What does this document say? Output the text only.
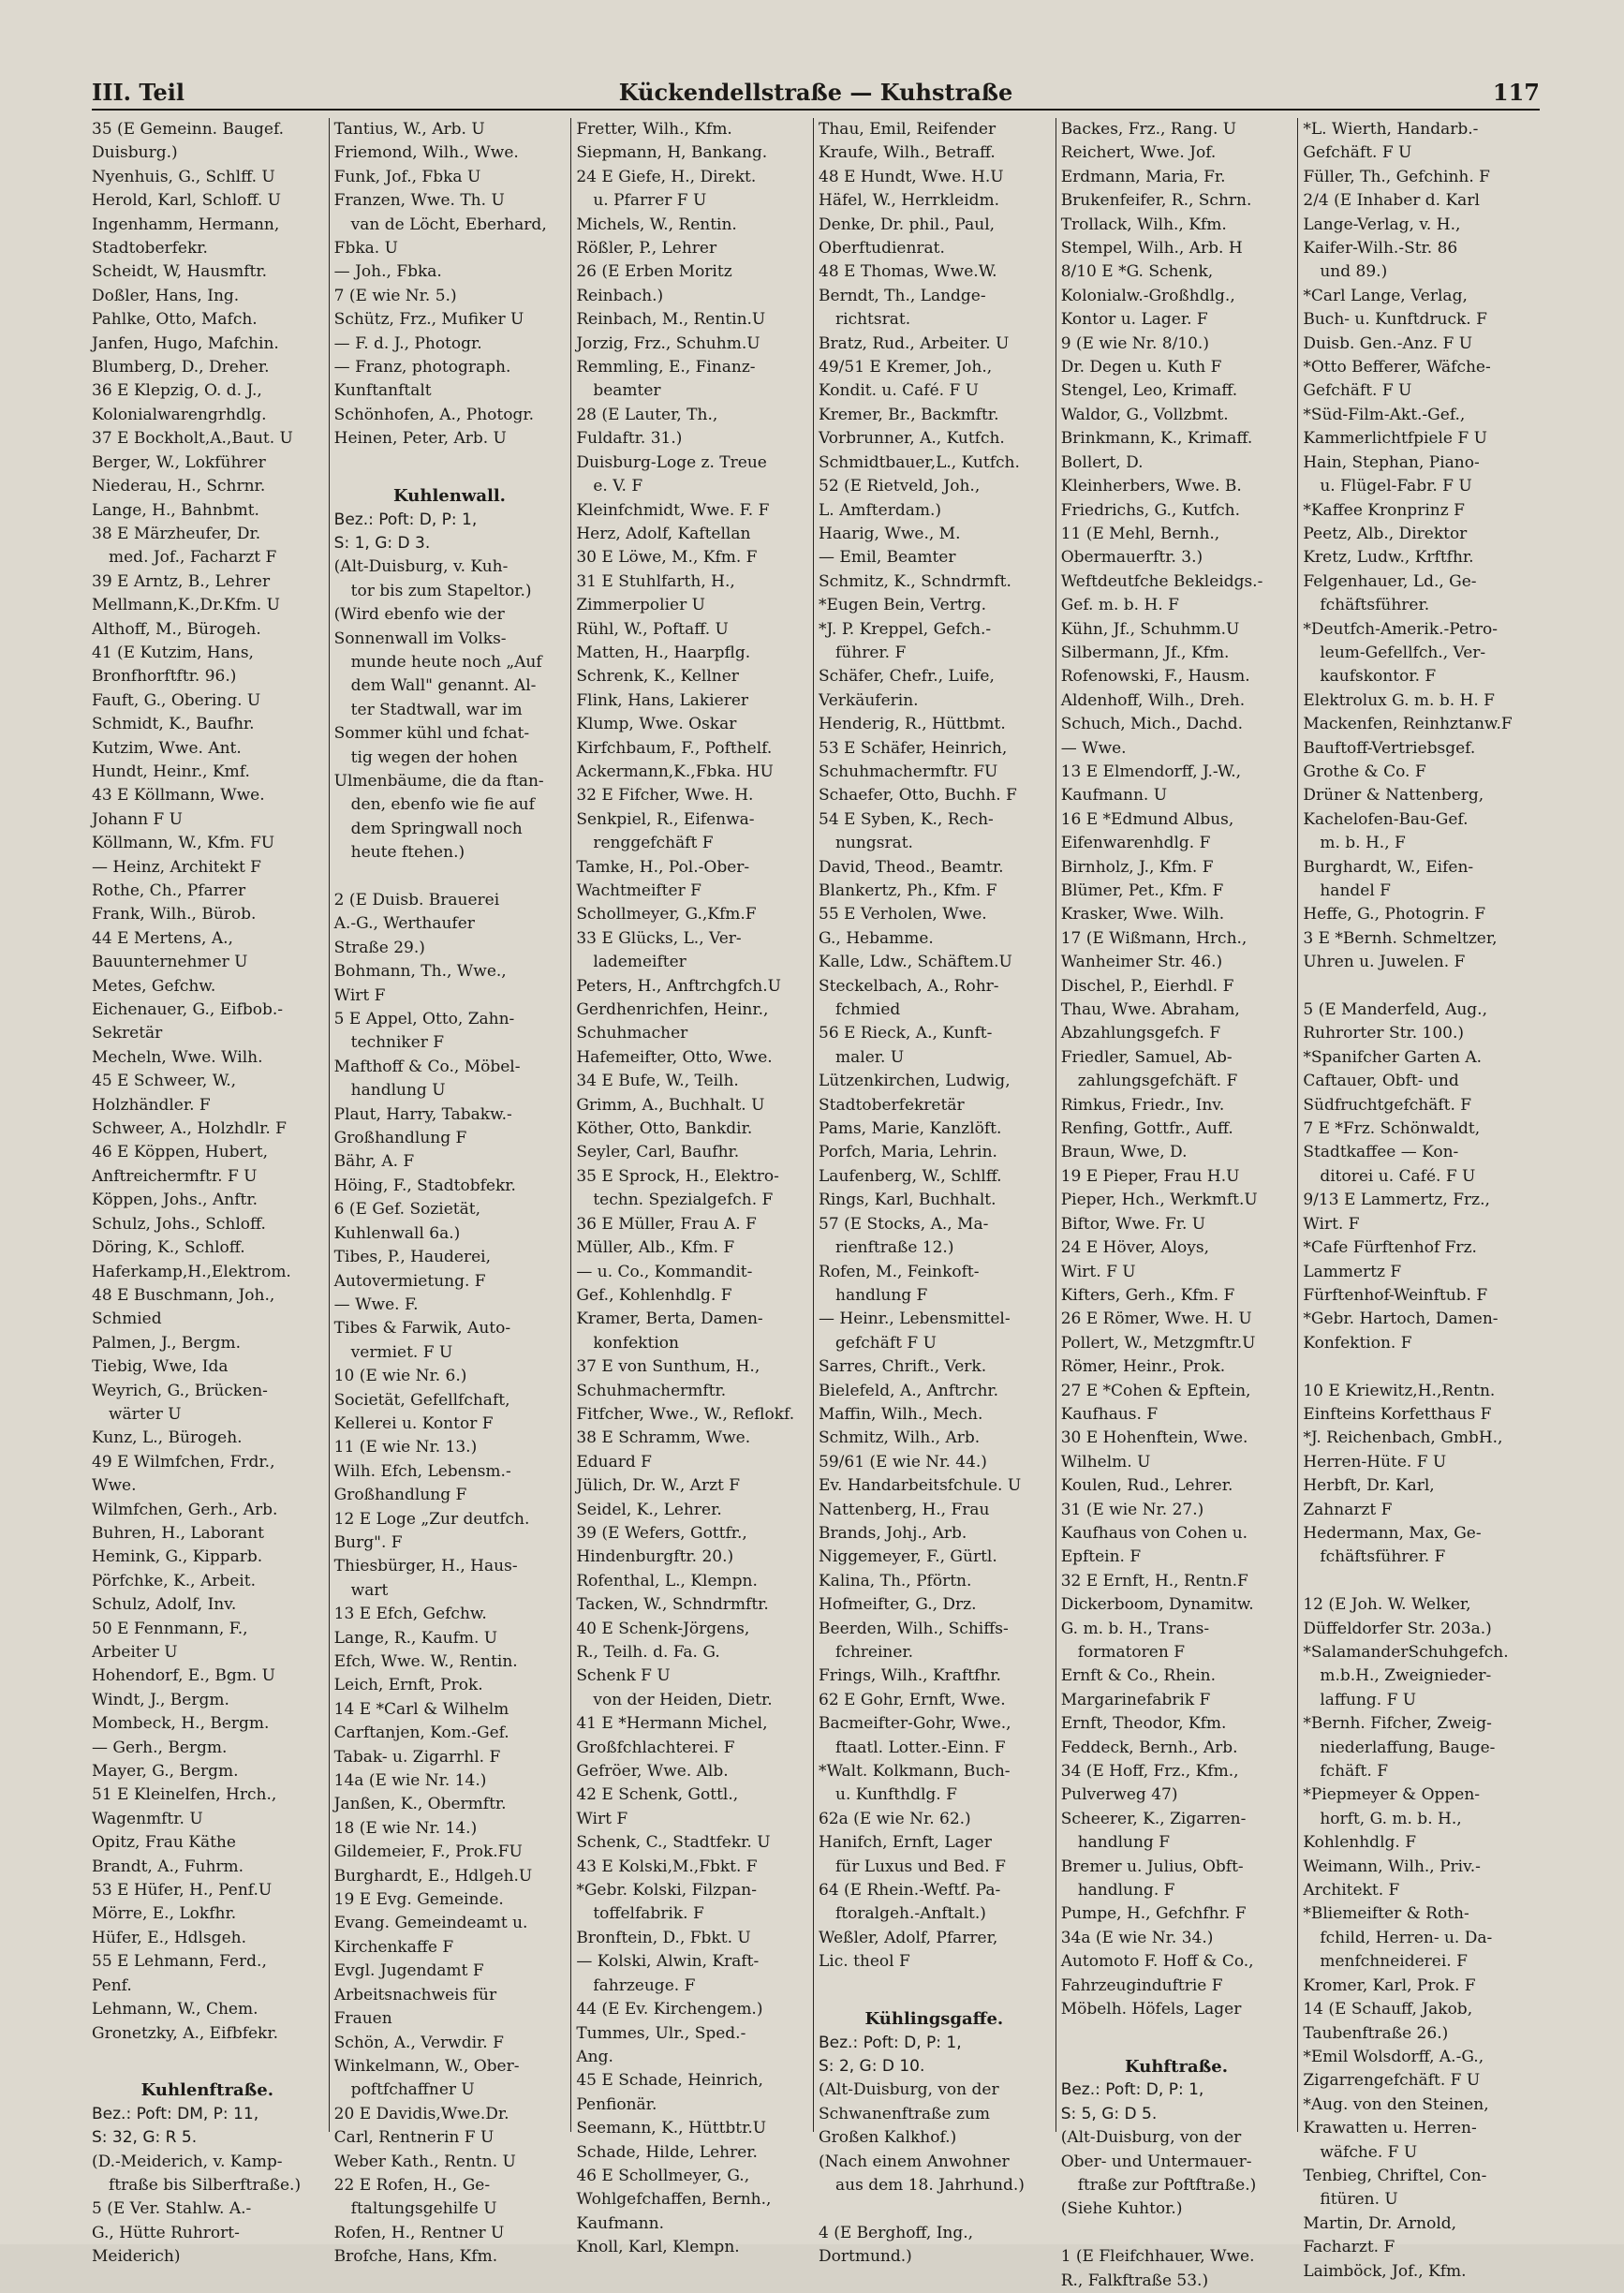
III. Teil	Kückendellstraße — Kuhstraße	117
35 (E Gemeinn. Baugef.
Duisburg.)
Nyenhuis, G., Schlff. U
Herold, Karl, Schloff. U
Ingenhamm, Hermann,
Stadtoberfekr.
Scheidt, W, Hausmftr.
Doßler, Hans, Ing.
Pahlke, Otto, Mafch.
Janfen, Hugo, Mafchin.
Blumberg, D., Dreher.
36 E Klepzig, O. d. J.,
Kolonialwarengrhdlg.
37 E Bockholt,A.,Baut. U
Berger, W., Lokführer
Niederau, H., Schrnr.
Lange, H., Bahnbmt.
38 E Märzheufer, Dr.
med. Jof., Facharzt F
39 E Arntz, B., Lehrer
Mellmann,K.,Dr.Kfm. U
Althoff, M., Bürogeh.
41 (E Kutzim, Hans,
Bronfhorftftr. 96.)
Fauft, G., Obering. U
Schmidt, K., Baufhr.
Kutzim, Wwe. Ant.
Hundt, Heinr., Kmf.
43 E Köllmann, Wwe.
Johann F U
Köllmann, W., Kfm. FU
— Heinz, Architekt F
Rothe, Ch., Pfarrer
Frank, Wilh., Bürob.
44 E Mertens, A.,
Bauunternehmer U
Metes, Gefchw.
Eichenauer, G., Eifbob.-
Sekretär
Mecheln, Wwe. Wilh.
45 E Schweer, W.,
Holzhändler. F
Schweer, A., Holzhdlr. F
46 E Köppen, Hubert,
Anftreichermftr. F U
Köppen, Johs., Anftr.
Schulz, Johs., Schloff.
Döring, K., Schloff.
Haferkamp,H.,Elektrom.
48 E Buschmann, Joh.,
Schmied
Palmen, J., Bergm.
Tiebig, Wwe, Ida
Weyrich, G., Brücken-
wärter U
Kunz, L., Bürogeh.
49 E Wilmfchen, Frdr.,
Wwe.
Wilmfchen, Gerh., Arb.
Buhren, H., Laborant
Hemink, G., Kipparb.
Pörfchke, K., Arbeit.
Schulz, Adolf, Inv.
50 E Fennmann, F.,
Arbeiter U
Hohendorf, E., Bgm. U
Windt, J., Bergm.
Mombeck, H., Bergm.
— Gerh., Bergm.
Mayer, G., Bergm.
51 E Kleinelfen, Hrch.,
Wagenmftr. U
Opitz, Frau Käthe
Brandt, A., Fuhrm.
53 E Hüfer, H., Penf.U
Mörre, E., Lokfhr.
Hüfer, E., Hdlsgeh.
55 E Lehmann, Ferd.,
Penf.
Lehmann, W., Chem.
Gronetzky, A., Eifbfekr.

Kuhlenftraße.
Bez.: Poft: DM, P: 11,
S: 32, G: R 5.
(D.-Meiderich, v. Kamp-
ftraße bis Silberftraße.)
5 (E Ver. Stahlw. A.-
G., Hütte Ruhrort-
Meiderich)
Tantius, W., Arb. U
Friemond, Wilh., Wwe.
Funk, Jof., Fbka U
Franzen, Wwe. Th. U
van de Löcht, Eberhard,
Fbka. U
— Joh., Fbka.
7 (E wie Nr. 5.)
Schütz, Frz., Mufiker U
— F. d. J., Photogr.
— Franz, photograph.
Kunftanftalt
Schönhofen, A., Photogr.
Heinen, Peter, Arb. U

Kuhlenwall.
Bez.: Poft: D, P: 1,
S: 1, G: D 3.
(Alt-Duisburg, v. Kuh-
tor bis zum Stapeltor.)
(Wird ebenfo wie der
Sonnenwall im Volks-
munde heute noch „Auf
dem Wall" genannt. Al-
ter Stadtwall, war im
Sommer kühl und fchat-
tig wegen der hohen
Ulmenbäume, die da ftan-
den, ebenfo wie fie auf
dem Springwall noch
heute ftehen.)

2 (E Duisb. Brauerei
A.-G., Werthaufer
Straße 29.)
Bohmann, Th., Wwe.,
Wirt F
5 E Appel, Otto, Zahn-
techniker F
Mafthoff & Co., Möbel-
handlung U
Plaut, Harry, Tabakw.-
Großhandlung F
Bähr, A. F
Höing, F., Stadtobfekr.
6 (E Gef. Sozietät,
Kuhlenwall 6a.)
Tibes, P., Hauderei,
Autovermietung. F
— Wwe. F.
Tibes & Farwik, Auto-
vermiet. F U
10 (E wie Nr. 6.)
Societät, Gefellfchaft,
Kellerei u. Kontor F
11 (E wie Nr. 13.)
Wilh. Efch, Lebensm.-
Großhandlung F
12 E Loge „Zur deutfch.
Burg". F
Thiesbürger, H., Haus-
wart
13 E Efch, Gefchw.
Lange, R., Kaufm. U
Efch, Wwe. W., Rentin.
Leich, Ernft, Prok.
14 E *Carl & Wilhelm
Carftanjen, Kom.-Gef.
Tabak- u. Zigarrhl. F
14a (E wie Nr. 14.)
Janßen, K., Obermftr.
18 (E wie Nr. 14.)
Gildemeier, F., Prok.FU
Burghardt, E., Hdlgeh.U
19 E Evg. Gemeinde.
Evang. Gemeindeamt u.
Kirchenkaffe F
Evgl. Jugendamt F
Arbeitsnachweis für
Frauen
Schön, A., Verwdir. F
Winkelmann, W., Ober-
poftfchaffner U
20 E Davidis,Wwe.Dr.
Carl, Rentnerin F U
Weber Kath., Rentn. U
22 E Rofen, H., Ge-
ftaltungsgehilfe U
Rofen, H., Rentner U
Brofche, Hans, Kfm.
Fretter, Wilh., Kfm.
Siepmann, H, Bankang.
24 E Giefe, H., Direkt.
u. Pfarrer F U
Michels, W., Rentin.
Rößler, P., Lehrer
26 (E Erben Moritz
Reinbach.)
Reinbach, M., Rentin.U
Jorzig, Frz., Schuhm.U
Remmling, E., Finanz-
beamter
28 (E Lauter, Th.,
Fuldaftr. 31.)
Duisburg-Loge z. Treue
e. V. F
Kleinfchmidt, Wwe. F. F
Herz, Adolf, Kaftellan
30 E Löwe, M., Kfm. F
31 E Stuhlfarth, H.,
Zimmerpolier U
Rühl, W., Poftaff. U
Matten, H., Haarpflg.
Schrenk, K., Kellner
Flink, Hans, Lakierer
Klump, Wwe. Oskar
Kirfchbaum, F., Pofthelf.
Ackermann,K.,Fbka. HU
32 E Fifcher, Wwe. H.
Senkpiel, R., Eifenwa-
renggefchäft F
Tamke, H., Pol.-Ober-
Wachtmeifter F
Schollmeyer, G.,Kfm.F
33 E Glücks, L., Ver-
lademeifter
Peters, H., Anftrchgfch.U
Gerdhenrichfen, Heinr.,
Schuhmacher
Hafemeifter, Otto, Wwe.
34 E Bufe, W., Teilh.
Grimm, A., Buchhalt. U
Köther, Otto, Bankdir.
Seyler, Carl, Baufhr.
35 E Sprock, H., Elektro-
techn. Spezialgefch. F
36 E Müller, Frau A. F
Müller, Alb., Kfm. F
— u. Co., Kommandit-
Gef., Kohlenhdlg. F
Kramer, Berta, Damen-
konfektion
37 E von Sunthum, H.,
Schuhmachermftr.
Fitfcher, Wwe., W., Reflokf.
38 E Schramm, Wwe.
Eduard F
Jülich, Dr. W., Arzt F
Seidel, K., Lehrer.
39 (E Wefers, Gottfr.,
Hindenburgftr. 20.)
Rofenthal, L., Klempn.
Tacken, W., Schndrmftr.
40 E Schenk-Jörgens,
R., Teilh. d. Fa. G.
Schenk F U
von der Heiden, Dietr.
41 E *Hermann Michel,
Großfchlachterei. F
Gefröer, Wwe. Alb.
42 E Schenk, Gottl.,
Wirt F
Schenk, C., Stadtfekr. U
43 E Kolski,M.,Fbkt. F
*Gebr. Kolski, Filzpan-
toffelfabrik. F
Bronftein, D., Fbkt. U
— Kolski, Alwin, Kraft-
fahrzeuge. F
44 (E Ev. Kirchengem.)
Tummes, Ulr., Sped.-
Ang.
45 E Schade, Heinrich,
Penfionär.
Seemann, K., Hüttbtr.U
Schade, Hilde, Lehrer.
46 E Schollmeyer, G.,
Wohlgefchaffen, Bernh.,
Kaufmann.
Knoll, Karl, Klempn.
Thau, Emil, Reifender
Kraufe, Wilh., Betraff.
48 E Hundt, Wwe. H.U
Häfel, W., Herrkleidm.
Denke, Dr. phil., Paul,
Oberftudienrat.
48 E Thomas, Wwe.W.
Berndt, Th., Landge-
richtsrat.
Bratz, Rud., Arbeiter. U
49/51 E Kremer, Joh.,
Kondit. u. Café. F U
Kremer, Br., Backmftr.
Vorbrunner, A., Kutfch.
Schmidtbauer,L., Kutfch.
52 (E Rietveld, Joh.,
L. Amfterdam.)
Haarig, Wwe., M.
— Emil, Beamter
Schmitz, K., Schndrmft.
*Eugen Bein, Vertrg.
*J. P. Kreppel, Gefch.-
führer. F
Schäfer, Chefr., Luife,
Verkäuferin.
Henderig, R., Hüttbmt.
53 E Schäfer, Heinrich,
Schuhmachermftr. FU
Schaefer, Otto, Buchh. F
54 E Syben, K., Rech-
nungsrat.
David, Theod., Beamtr.
Blankertz, Ph., Kfm. F
55 E Verholen, Wwe.
G., Hebamme.
Kalle, Ldw., Schäftem.U
Steckelbach, A., Rohr-
fchmied
56 E Rieck, A., Kunft-
maler. U
Lützenkirchen, Ludwig,
Stadtoberfekretär
Pams, Marie, Kanzlöft.
Porfch, Maria, Lehrin.
Laufenberg, W., Schlff.
Rings, Karl, Buchhalt.
57 (E Stocks, A., Ma-
rienftraße 12.)
Rofen, M., Feinkoft-
handlung F
— Heinr., Lebensmittel-
gefchäft F U
Sarres, Chrift., Verk.
Bielefeld, A., Anftrchr.
Maffin, Wilh., Mech.
Schmitz, Wilh., Arb.
59/61 (E wie Nr. 44.)
Ev. Handarbeitsfchule. U
Nattenberg, H., Frau
Brands, Johj., Arb.
Niggemeyer, F., Gürtl.
Kalina, Th., Pförtn.
Hofmeifter, G., Drz.
Beerden, Wilh., Schiffs-
fchreiner.
Frings, Wilh., Kraftfhr.
62 E Gohr, Ernft, Wwe.
Bacmeifter-Gohr, Wwe.,
ftaatl. Lotter.-Einn. F
*Walt. Kolkmann, Buch-
u. Kunfthdlg. F
62a (E wie Nr. 62.)
Hanifch, Ernft, Lager
für Luxus und Bed. F
64 (E Rhein.-Weftf. Pa-
ftoralgeh.-Anftalt.)
Weßler, Adolf, Pfarrer,
Lic. theol F

Kühlingsgaffe.
Bez.: Poft: D, P: 1,
S: 2, G: D 10.
(Alt-Duisburg, von der
Schwanenftraße zum
Großen Kalkhof.)
(Nach einem Anwohner
aus dem 18. Jahrhund.)

4 (E Berghoff, Ing.,
Dortmund.)
Backes, Frz., Rang. U
Reichert, Wwe. Jof.
Erdmann, Maria, Fr.
Brukenfeifer, R., Schrn.
Trollack, Wilh., Kfm.
Stempel, Wilh., Arb. H
8/10 E *G. Schenk,
Kolonialw.-Großhdlg.,
Kontor u. Lager. F
9 (E wie Nr. 8/10.)
Dr. Degen u. Kuth F
Stengel, Leo, Krimaff.
Waldor, G., Vollzbmt.
Brinkmann, K., Krimaff.
Bollert, D.
Kleinherbers, Wwe. B.
Friedrichs, G., Kutfch.
11 (E Mehl, Bernh.,
Obermauerftr. 3.)
Weftdeutfche Bekleidgs.-
Gef. m. b. H. F
Kühn, Jf., Schuhmm.U
Silbermann, Jf., Kfm.
Rofenowski, F., Hausm.
Aldenhoff, Wilh., Dreh.
Schuch, Mich., Dachd.
— Wwe.
13 E Elmendorff, J.-W.,
Kaufmann. U
16 E *Edmund Albus,
Eifenwarenhdlg. F
Birnholz, J., Kfm. F
Blümer, Pet., Kfm. F
Krasker, Wwe. Wilh.
17 (E Wißmann, Hrch.,
Wanheimer Str. 46.)
Dischel, P., Eierhdl. F
Thau, Wwe. Abraham,
Abzahlungsgefch. F
Friedler, Samuel, Ab-
zahlungsgefchäft. F
Rimkus, Friedr., Inv.
Renfing, Gottfr., Auff.
Braun, Wwe, D.
19 E Pieper, Frau H.U
Pieper, Hch., Werkmft.U
Biftor, Wwe. Fr. U
24 E Höver, Aloys,
Wirt. F U
Kifters, Gerh., Kfm. F
26 E Römer, Wwe. H. U
Pollert, W., Metzgmftr.U
Römer, Heinr., Prok.
27 E *Cohen & Epftein,
Kaufhaus. F
30 E Hohenftein, Wwe.
Wilhelm. U
Koulen, Rud., Lehrer.
31 (E wie Nr. 27.)
Kaufhaus von Cohen u.
Epftein. F
32 E Ernft, H., Rentn.F
Dickerboom, Dynamitw.
G. m. b. H., Trans-
formatoren F
Ernft & Co., Rhein.
Margarinefabrik F
Ernft, Theodor, Kfm.
Feddeck, Bernh., Arb.
34 (E Hoff, Frz., Kfm.,
Pulverweg 47)
Scheerer, K., Zigarren-
handlung F
Bremer u. Julius, Obft-
handlung. F
Pumpe, H., Gefchfhr. F
34a (E wie Nr. 34.)
Automoto F. Hoff & Co.,
Fahrzeuginduftrie F
Möbelh. Höfels, Lager

Kuhftraße.
Bez.: Poft: D, P: 1,
S: 5, G: D 5.
(Alt-Duisburg, von der
Ober- und Untermauer-
ftraße zur Poftftraße.)
(Siehe Kuhtor.)

1 (E Fleifchhauer, Wwe.
R., Falkftraße 53.)
*L. Wierth, Handarb.-
Gefchäft. F U
Füller, Th., Gefchinh. F
2/4 (E Inhaber d. Karl
Lange-Verlag, v. H.,
Kaifer-Wilh.-Str. 86
und 89.)
*Carl Lange, Verlag,
Buch- u. Kunftdruck. F
Duisb. Gen.-Anz. F U
*Otto Befferer, Wäfche-
Gefchäft. F U
*Süd-Film-Akt.-Gef.,
Kammerlichtfpiele F U
Hain, Stephan, Piano-
u. Flügel-Fabr. F U
*Kaffee Kronprinz F
Peetz, Alb., Direktor
Kretz, Ludw., Krftfhr.
Felgenhauer, Ld., Ge-
fchäftsführer.
*Deutfch-Amerik.-Petro-
leum-Gefellfch., Ver-
kaufskontor. F
Elektrolux G. m. b. H. F
Mackenfen, Reinhztanw.F
Bauftoff-Vertriebsgef.
Grothe & Co. F
Drüner & Nattenberg,
Kachelofen-Bau-Gef.
m. b. H., F
Burghardt, W., Eifen-
handel F
Heffe, G., Photogrin. F
3 E *Bernh. Schmeltzer,
Uhren u. Juwelen. F

5 (E Manderfeld, Aug.,
Ruhrorter Str. 100.)
*Spanifcher Garten A.
Caftauer, Obft- und
Südfruchtgefchäft. F
7 E *Frz. Schönwaldt,
Stadtkaffee — Kon-
ditorei u. Café. F U
9/13 E Lammertz, Frz.,
Wirt. F
*Cafe Fürftenhof Frz.
Lammertz F
Fürftenhof-Weinftub. F
*Gebr. Hartoch, Damen-
Konfektion. F

10 E Kriewitz,H.,Rentn.
Einfteins Korfetthaus F
*J. Reichenbach, GmbH.,
Herren-Hüte. F U
Herbft, Dr. Karl,
Zahnarzt F
Hedermann, Max, Ge-
fchäftsführer. F

12 (E Joh. W. Welker,
Düffeldorfer Str. 203a.)
*SalamanderSchuhgefch.
m.b.H., Zweignieder-
laffung. F U
*Bernh. Fifcher, Zweig-
niederlaffung, Bauge-
fchäft. F
*Piepmeyer & Oppen-
horft, G. m. b. H.,
Kohlenhdlg. F
Weimann, Wilh., Priv.-
Architekt. F
*Bliemeifter & Roth-
fchild, Herren- u. Da-
menfchneiderei. F
Kromer, Karl, Prok. F
14 (E Schauff, Jakob,
Taubenftraße 26.)
*Emil Wolsdorff, A.-G.,
Zigarrengefchäft. F U
*Aug. von den Steinen,
Krawatten u. Herren-
wäfche. F U
Tenbieg, Chriftel, Con-
fitüren. U
Martin, Dr. Arnold,
Facharzt. F
Laimböck, Jof., Kfm.
